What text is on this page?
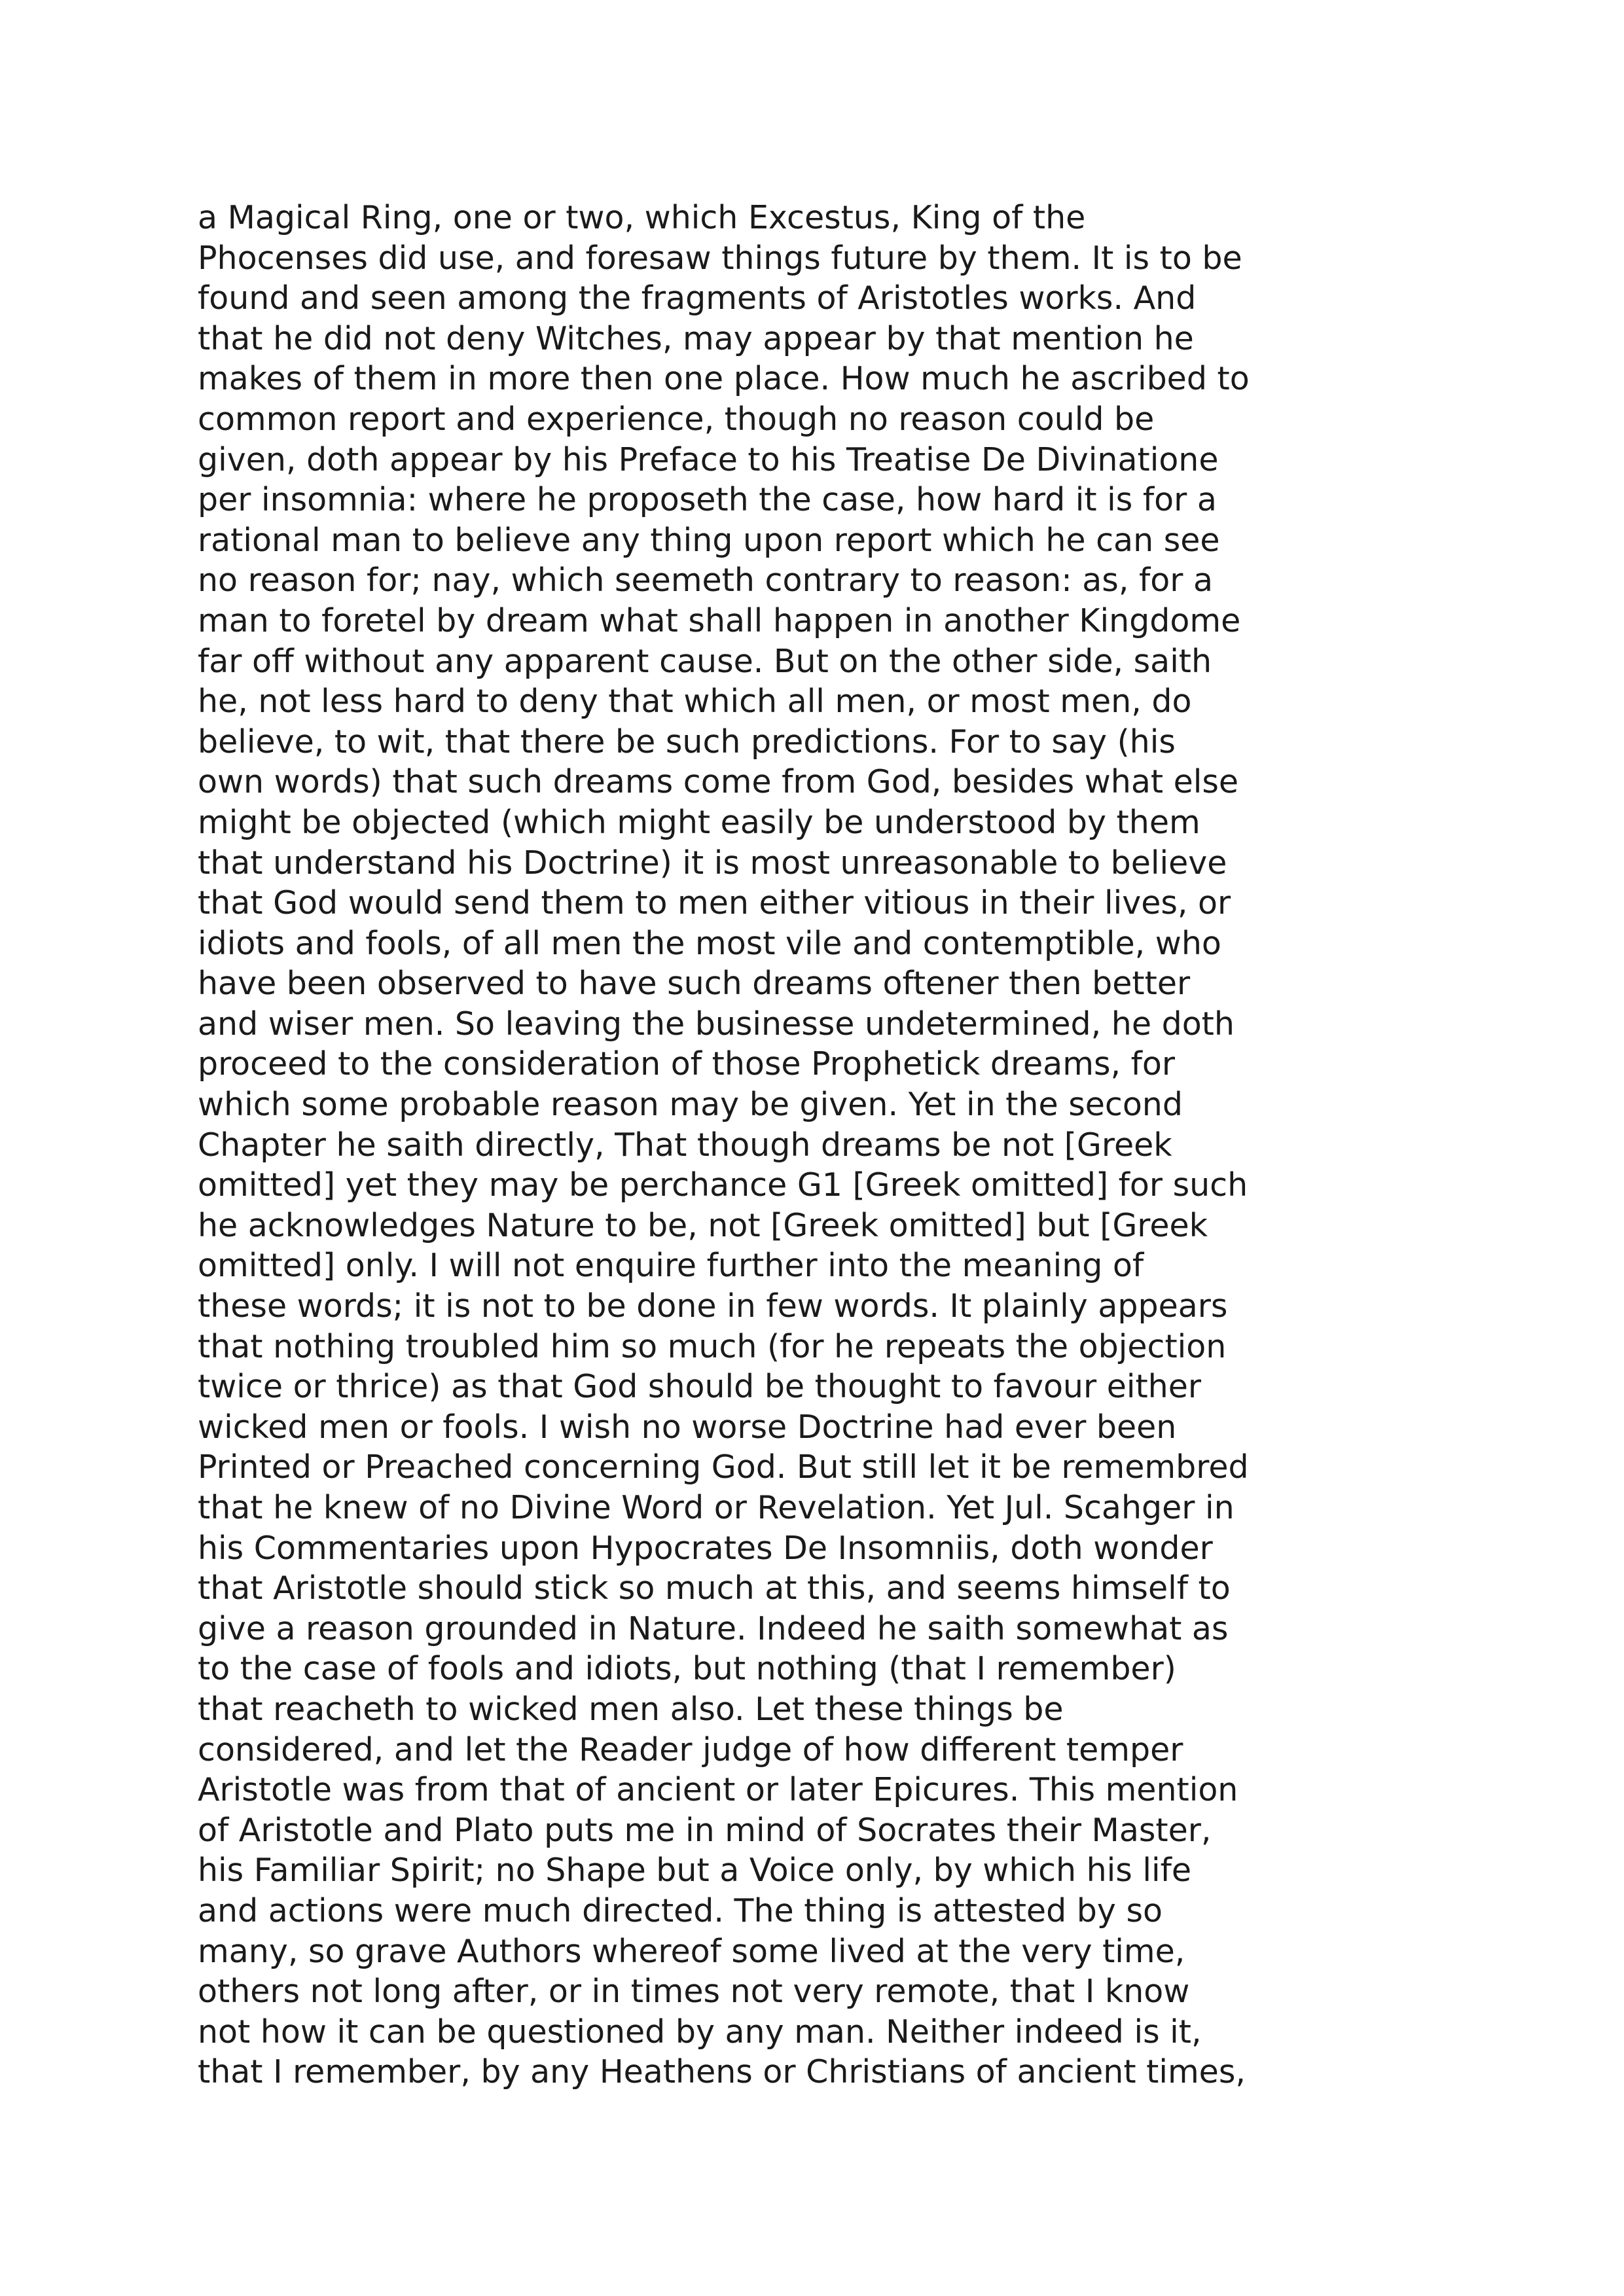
a Magical Ring, one or two, which Excestus, King of the
Phocenses did use, and foresaw things future by them. It is to be
found and seen among the fragments of Aristotles works. And
that he did not deny Witches, may appear by that mention he
makes of them in more then one place. How much he ascribed to
common report and experience, though no reason could be
given, doth appear by his Preface to his Treatise De Divinatione
per insomnia: where he proposeth the case, how hard it is for a
rational man to believe any thing upon report which he can see
no reason for; nay, which seemeth contrary to reason: as, for a
man to foretel by dream what shall happen in another Kingdome
far off without any apparent cause. But on the other side, saith
he, not less hard to deny that which all men, or most men, do
believe, to wit, that there be such predictions. For to say (his
own words) that such dreams come from God, besides what else
might be objected (which might easily be understood by them
that understand his Doctrine) it is most unreasonable to believe
that God would send them to men either vitious in their lives, or
idiots and fools, of all men the most vile and contemptible, who
have been observed to have such dreams oftener then better
and wiser men. So leaving the businesse undetermined, he doth
proceed to the consideration of those Prophetick dreams, for
which some probable reason may be given. Yet in the second
Chapter he saith directly, That though dreams be not [Greek
omitted] yet they may be perchance G1 [Greek omitted] for such
he acknowledges Nature to be, not [Greek omitted] but [Greek
omitted] only. I will not enquire further into the meaning of
these words; it is not to be done in few words. It plainly appears
that nothing troubled him so much (for he repeats the objection
twice or thrice) as that God should be thought to favour either
wicked men or fools. I wish no worse Doctrine had ever been
Printed or Preached concerning God. But still let it be remembred
that he knew of no Divine Word or Revelation. Yet Jul. Scahger in
his Commentaries upon Hypocrates De Insomniis, doth wonder
that Aristotle should stick so much at this, and seems himself to
give a reason grounded in Nature. Indeed he saith somewhat as
to the case of fools and idiots, but nothing (that I remember)
that reacheth to wicked men also. Let these things be
considered, and let the Reader judge of how different temper
Aristotle was from that of ancient or later Epicures. This mention
of Aristotle and Plato puts me in mind of Socrates their Master,
his Familiar Spirit; no Shape but a Voice only, by which his life
and actions were much directed. The thing is attested by so
many, so grave Authors whereof some lived at the very time,
others not long after, or in times not very remote, that I know
not how it can be questioned by any man. Neither indeed is it,
that I remember, by any Heathens or Christians of ancient times,
